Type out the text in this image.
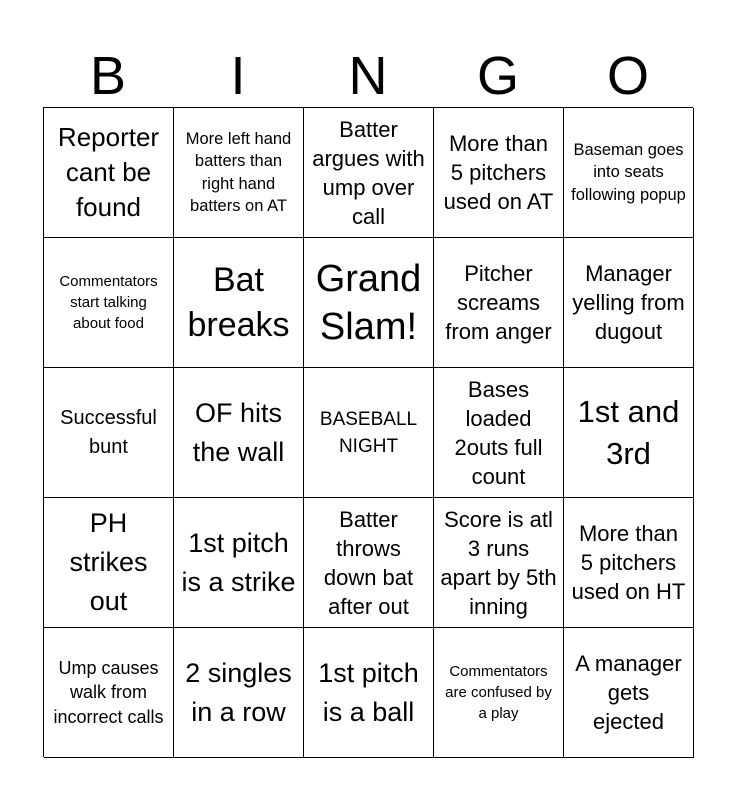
B	I	N	G	O
Reporter cant be found
More left hand batters than right hand batters on AT
Batter argues with ump over call
More than 5 pitchers used on AT
Baseman goes into seats following popup
Commentators start talking about food
Bat breaks
Grand Slam!
Pitcher screams from anger
Manager yelling from dugout
Successful bunt
OF hits the wall
BASEBALL NIGHT
Bases loaded 2outs full count
1st and 3rd
PH strikes out
1st pitch is a strike
Batter throws down bat after out
Score is atl 3 runs apart by 5th inning
More than 5 pitchers used on HT
Ump causes walk from incorrect calls
2 singles in a row
1st pitch is a ball
Commentators are confused by a play
A manager gets ejected
